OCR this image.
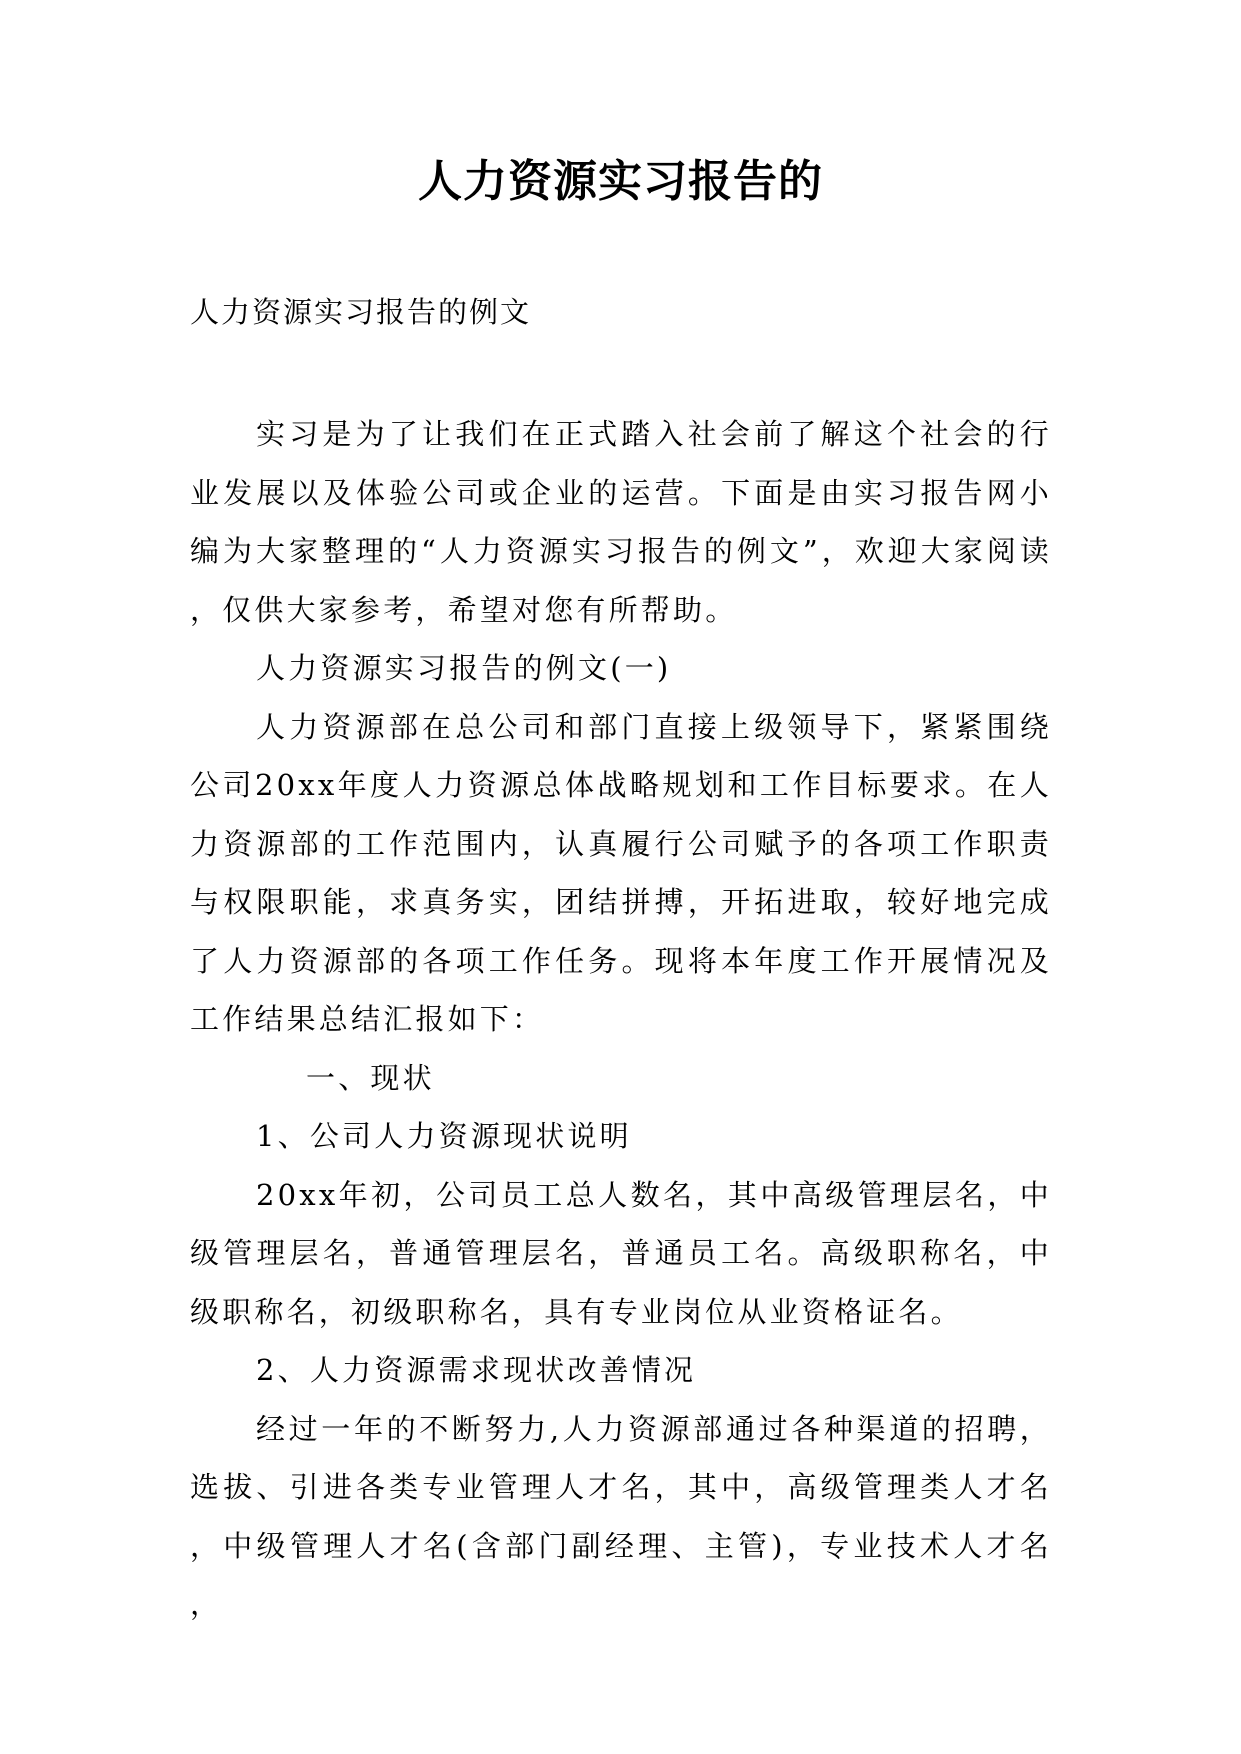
人力资源实习报告的

人力资源实习报告的例文

实习是为了让我们在正式踏入社会前了解这个社会的行业发展以及体验公司或企业的运营。下面是由实习报告网小编为大家整理的“人力资源实习报告的例文”，欢迎大家阅读，仅供大家参考，希望对您有所帮助。

人力资源实习报告的例文(一)

人力资源部在总公司和部门直接上级领导下，紧紧围绕公司20xx年度人力资源总体战略规划和工作目标要求。在人力资源部的工作范围内，认真履行公司赋予的各项工作职责与权限职能，求真务实，团结拼搏，开拓进取，较好地完成了人力资源部的各项工作任务。现将本年度工作开展情况及工作结果总结汇报如下：

一、现状

1、公司人力资源现状说明

20xx年初，公司员工总人数名，其中高级管理层名，中级管理层名，普通管理层名，普通员工名。高级职称名，中级职称名，初级职称名，具有专业岗位从业资格证名。

2、人力资源需求现状改善情况

经过一年的不断努力,人力资源部通过各种渠道的招聘，选拔、引进各类专业管理人才名，其中，高级管理类人才名，中级管理人才名(含部门副经理、主管)，专业技术人才名，
